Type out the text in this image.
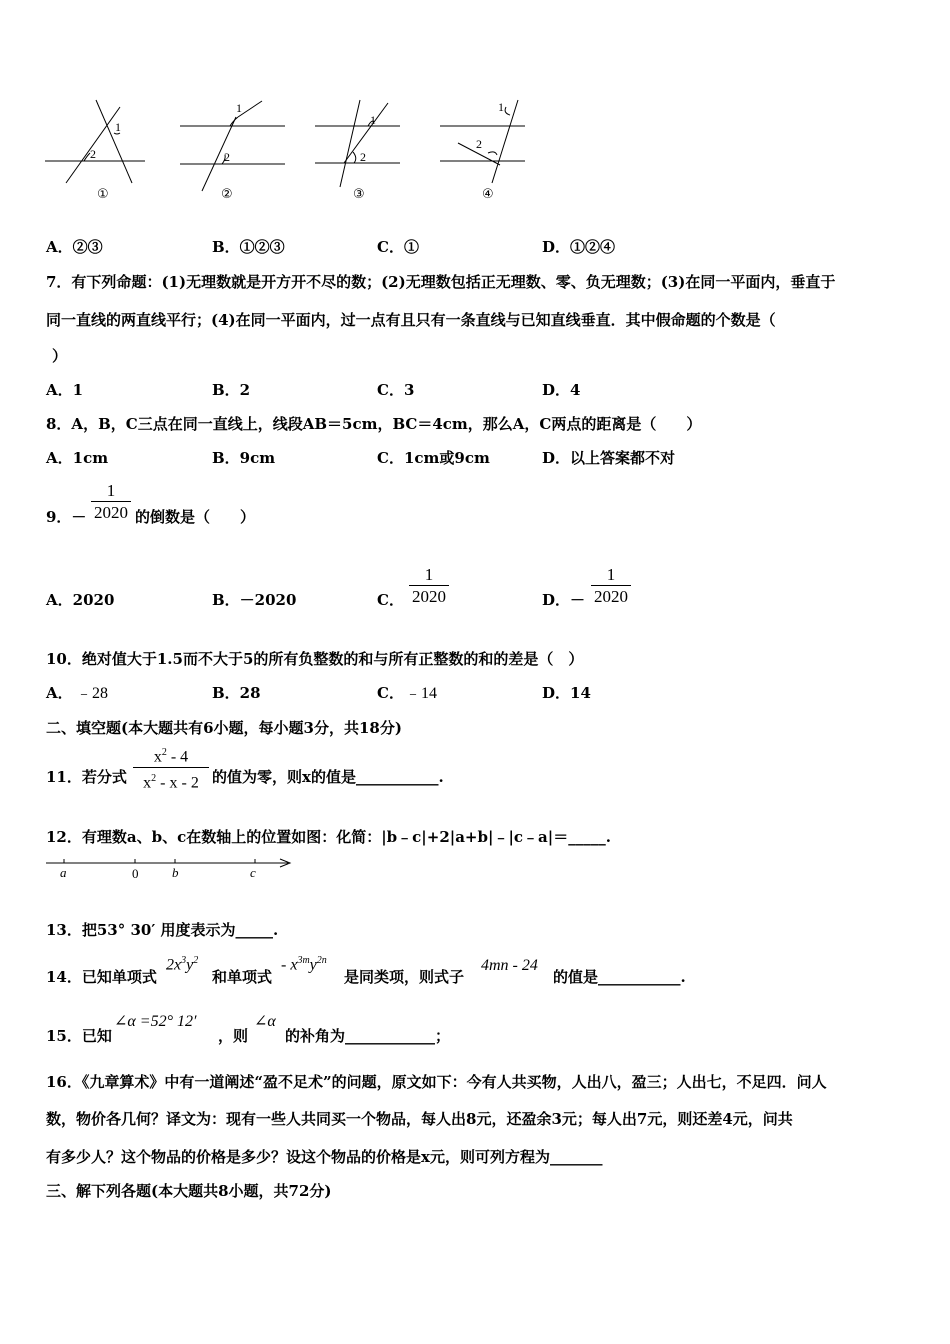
1
2
①
1
2
②
1
2
③
1
2
④
A．②③	B．①②③	C．①	D．①②④
7．有下列命题：(1)无理数就是开方开不尽的数；(2)无理数包括正无理数、零、负无理数；(3)在同一平面内，垂直于
同一直线的两直线平行；(4)在同一平面内，过一点有且只有一条直线与已知直线垂直．其中假命题的个数是（
）
A．1	B．2	C．3	D．4
8．A，B，C三点在同一直线上，线段AB＝5cm，BC＝4cm，那么A，C两点的距离是（　　）
A．1cm	B．9cm	C．1cm或9cm	D．以上答案都不对
9．－
1
2020 的倒数是（　　）
A．2020	B．－2020	C．
1
2020	D．－
1
2020
10．绝对值大于1.5而不大于5的所有负整数的和与所有正整数的和的差是（　）
A． ﹣28	B．28	C． ﹣14	D．14
二、填空题(本大题共有6小题，每小题3分，共18分)
11．若分式
$x^2 - 4$
$x^2$ - x - 2 的值为零，则x的值是___________.
12．有理数a、b、c在数轴上的位置如图：化简：|b﹣c|+2|a+b|﹣|c﹣a|＝_____.
a	0	b	c
13．把53° 30′ 用度表示为_____.
14．已知单项式
$2x^3y^2$
和单项式
- $x^{3m}y^{2n}$
是同类项，则式子
4mn - 24
的值是___________.
15．已知
∠α =52° 12′
，则
∠α
的补角为____________；
16．《九章算术》中有一道阐述“盈不足术”的问题，原文如下：今有人共买物，人出八，盈三；人出七，不足四．问人
数，物价各几何？译文为：现有一些人共同买一个物品，每人出8元，还盈余3元；每人出7元，则还差4元，问共
有多少人？这个物品的价格是多少？设这个物品的价格是x元，则可列方程为_______
三、解下列各题(本大题共8小题，共72分)
